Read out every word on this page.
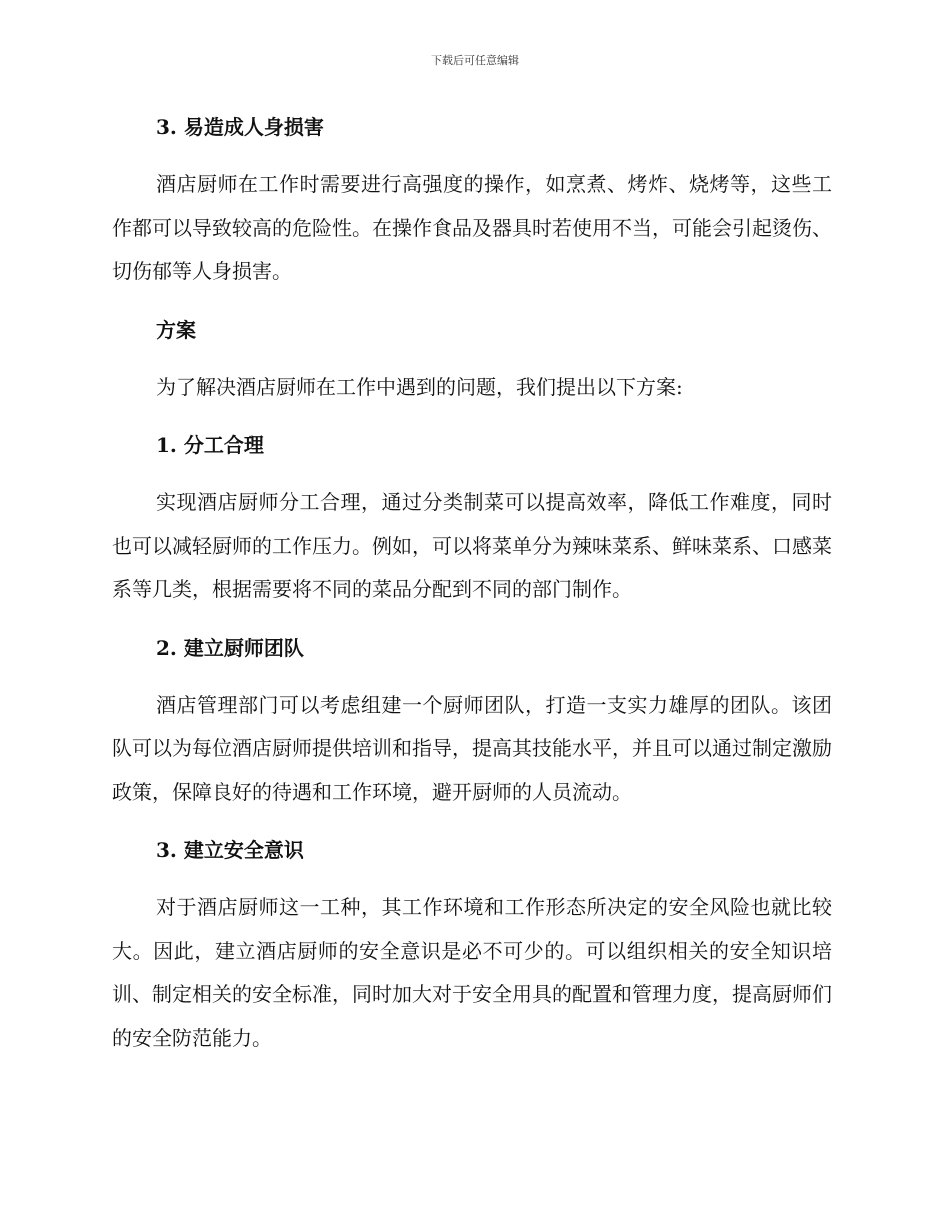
下载后可任意编辑
3. 易造成人身损害

酒店厨师在工作时需要进行高强度的操作，如烹煮、烤炸、烧烤等，这些工作都可以导致较高的危险性。在操作食品及器具时若使用不当，可能会引起烫伤、切伤郁等人身损害。

方案

为了解决酒店厨师在工作中遇到的问题，我们提出以下方案:

1. 分工合理

实现酒店厨师分工合理，通过分类制菜可以提高效率，降低工作难度，同时也可以减轻厨师的工作压力。例如，可以将菜单分为辣味菜系、鲜味菜系、口感菜系等几类，根据需要将不同的菜品分配到不同的部门制作。

2. 建立厨师团队

酒店管理部门可以考虑组建一个厨师团队，打造一支实力雄厚的团队。该团队可以为每位酒店厨师提供培训和指导，提高其技能水平，并且可以通过制定激励政策，保障良好的待遇和工作环境，避开厨师的人员流动。

3. 建立安全意识

对于酒店厨师这一工种，其工作环境和工作形态所决定的安全风险也就比较大。因此，建立酒店厨师的安全意识是必不可少的。可以组织相关的安全知识培训、制定相关的安全标准，同时加大对于安全用具的配置和管理力度，提高厨师们的安全防范能力。
